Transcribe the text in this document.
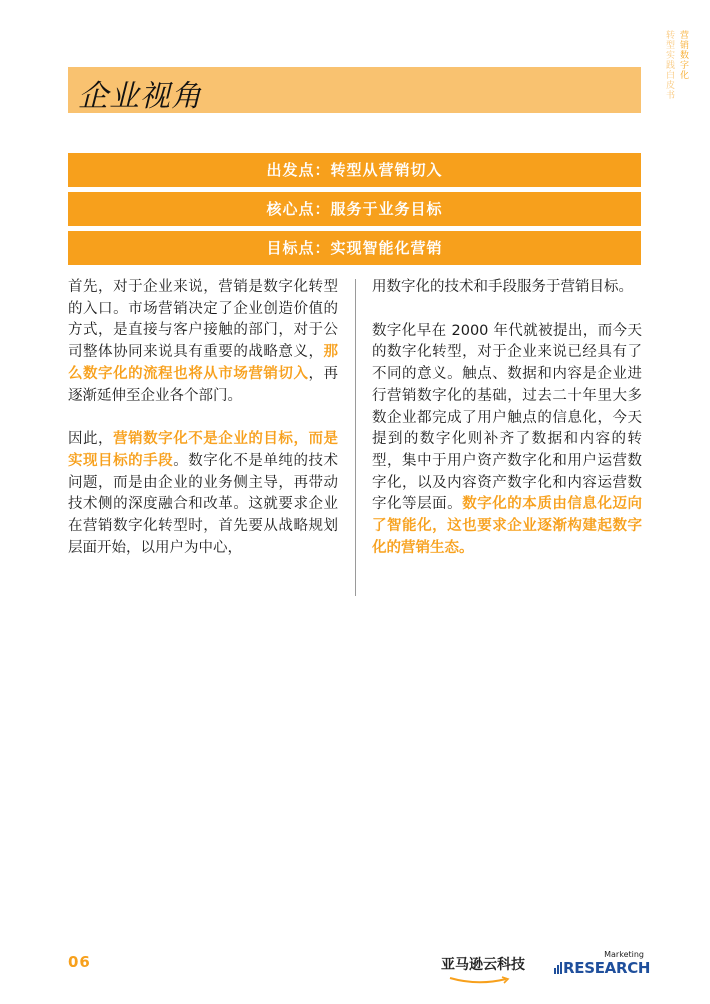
营销数字化
转型实践白皮书
企业视角
出发点：转型从营销切入
核心点：服务于业务目标
目标点：实现智能化营销

首先，对于企业来说，营销是数字化转型的入口。市场营销决定了企业创造价值的方式，是直接与客户接触的部门，对于公司整体协同来说具有重要的战略意义，那么数字化的流程也将从市场营销切入，再逐渐延伸至企业各个部门。

因此，营销数字化不是企业的目标，而是实现目标的手段。数字化不是单纯的技术问题，而是由企业的业务侧主导，再带动技术侧的深度融合和改革。这就要求企业在营销数字化转型时，首先要从战略规划层面开始，以用户为中心，

用数字化的技术和手段服务于营销目标。

数字化早在 2000 年代就被提出，而今天的数字化转型，对于企业来说已经具有了不同的意义。触点、数据和内容是企业进行营销数字化的基础，过去二十年里大多数企业都完成了用户触点的信息化，今天提到的数字化则补齐了数据和内容的转型，集中于用户资产数字化和用户运营数字化，以及内容资产数字化和内容运营数字化等层面。数字化的本质由信息化迈向了智能化，这也要求企业逐渐构建起数字化的营销生态。

06	亚马逊云科技
Marketing
RESEARCH
